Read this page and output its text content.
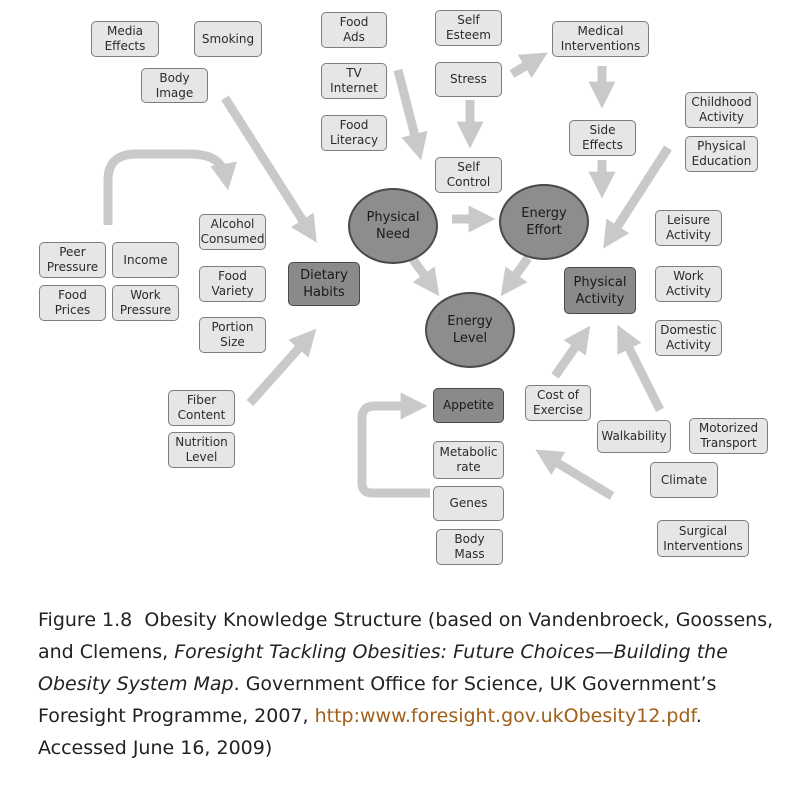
Media
Effects
Smoking
Body
Image
Food
Ads
TV
Internet
Food
Literacy
Self
Esteem
Stress
Self
Control
Medical
Interventions
Side
Effects
Childhood
Activity
Physical
Education
Alcohol
Consumed
Food
Variety
Portion
Size
Peer
Pressure
Income
Food
Prices
Work
Pressure
Dietary
Habits
Physical
Need
Energy
Effort
Energy
Level
Physical
Activity
Leisure
Activity
Work
Activity
Domestic
Activity
Fiber
Content
Nutrition
Level
Appetite
Cost of
Exercise
Walkability
Motorized
Transport
Metabolic
rate
Genes
Climate
Body
Mass
Surgical
Interventions
Figure 1.8 Obesity Knowledge Structure (based on Vandenbroeck, Goossens, and Clemens, Foresight Tackling Obesities: Future Choices—Building the Obesity System Map. Government Office for Science, UK Government’s Foresight Programme, 2007, http:www.foresight.gov.ukObesity12.pdf. Accessed June 16, 2009)
